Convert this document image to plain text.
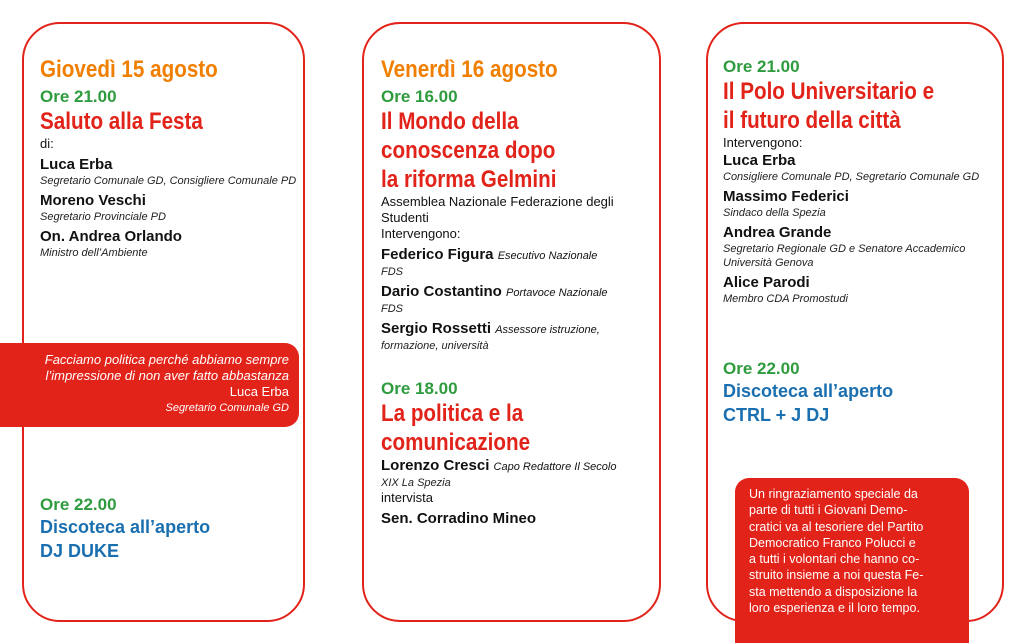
Giovedì 15 agosto
Ore 21.00
Saluto alla Festa
di:
Luca Erba
Segretario Comunale GD, Consigliere Comunale PD
Moreno Veschi
Segretario Provinciale PD
On. Andrea Orlando
Ministro dell’Ambiente
Facciamo politica perché abbiamo sempre
l’impressione di non aver fatto abbastanza
Luca Erba
Segretario Comunale GD
Ore 22.00
Discoteca all’aperto
DJ DUKE
Venerdì 16 agosto
Ore 16.00
Il Mondo della
conoscenza dopo
la riforma Gelmini
Assemblea Nazionale Federazione degli
Studenti
Intervengono:
Federico Figura Esecutivo Nazionale
FDS
Dario Costantino Portavoce Nazionale
FDS
Sergio Rossetti Assessore istruzione,
formazione, università
Ore 18.00
La politica e la
comunicazione
Lorenzo Cresci Capo Redattore Il Secolo
XIX La Spezia
intervista
Sen. Corradino Mineo
Ore 21.00
Il Polo Universitario e
il futuro della città
Intervengono:
Luca Erba
Consigliere Comunale PD, Segretario Comunale GD
Massimo Federici
Sindaco della Spezia
Andrea Grande
Segretario Regionale GD e Senatore Accademico
Università Genova
Alice Parodi
Membro CDA Promostudi
Ore 22.00
Discoteca all’aperto
CTRL + J DJ
Un ringraziamento speciale da
parte di tutti i Giovani Demo-
cratici va al tesoriere del Partito
Democratico Franco Polucci e
a tutti i volontari che hanno co-
struito insieme a noi questa Fe-
sta mettendo a disposizione la
loro esperienza e il loro tempo.
